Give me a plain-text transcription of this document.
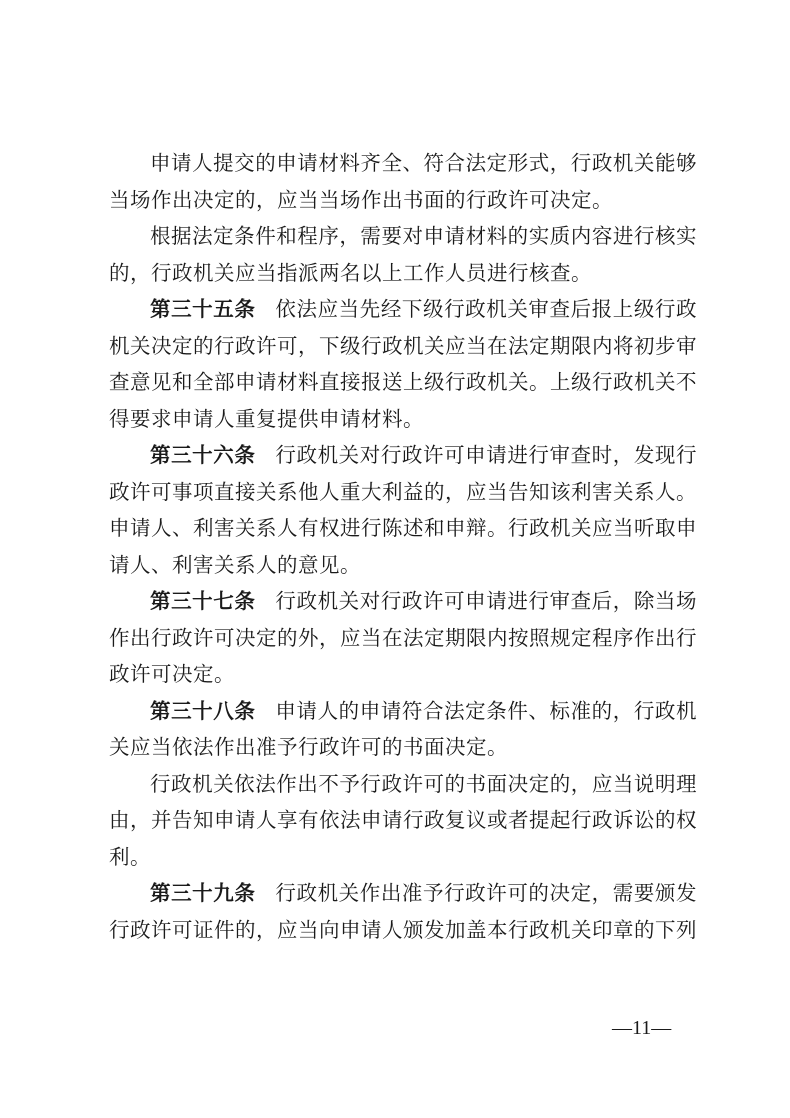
申请人提交的申请材料齐全、符合法定形式，行政机关能够当场作出决定的，应当当场作出书面的行政许可决定。

根据法定条件和程序，需要对申请材料的实质内容进行核实的，行政机关应当指派两名以上工作人员进行核查。

第三十五条 依法应当先经下级行政机关审查后报上级行政机关决定的行政许可，下级行政机关应当在法定期限内将初步审查意见和全部申请材料直接报送上级行政机关。上级行政机关不得要求申请人重复提供申请材料。

第三十六条 行政机关对行政许可申请进行审查时，发现行政许可事项直接关系他人重大利益的，应当告知该利害关系人。申请人、利害关系人有权进行陈述和申辩。行政机关应当听取申请人、利害关系人的意见。

第三十七条 行政机关对行政许可申请进行审查后，除当场作出行政许可决定的外，应当在法定期限内按照规定程序作出行政许可决定。

第三十八条 申请人的申请符合法定条件、标准的，行政机关应当依法作出准予行政许可的书面决定。

行政机关依法作出不予行政许可的书面决定的，应当说明理由，并告知申请人享有依法申请行政复议或者提起行政诉讼的权利。

第三十九条 行政机关作出准予行政许可的决定，需要颁发行政许可证件的，应当向申请人颁发加盖本行政机关印章的下列

—11—
